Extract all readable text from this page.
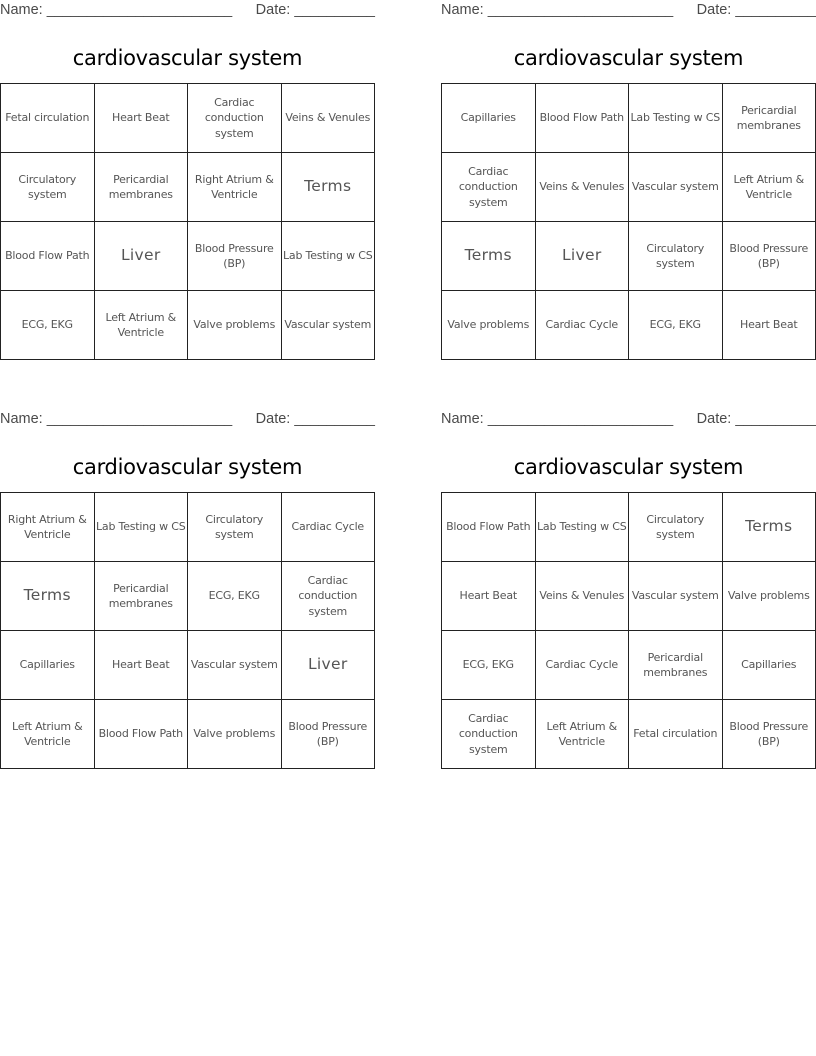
Name: _______________________ Date: __________
cardiovascular system
Fetal circulation	Heart Beat	Cardiac conduction system	Veins & Venules
Circulatory system	Pericardial membranes	Right Atrium & Ventricle	Terms
Blood Flow Path	Liver	Blood Pressure (BP)	Lab Testing w CS
ECG, EKG	Left Atrium & Ventricle	Valve problems	Vascular system
Name: _______________________ Date: __________
cardiovascular system
Capillaries	Blood Flow Path	Lab Testing w CS	Pericardial membranes
Cardiac conduction system	Veins & Venules	Vascular system	Left Atrium & Ventricle
Terms	Liver	Circulatory system	Blood Pressure (BP)
Valve problems	Cardiac Cycle	ECG, EKG	Heart Beat
Name: _______________________ Date: __________
cardiovascular system
Right Atrium & Ventricle	Lab Testing w CS	Circulatory system	Cardiac Cycle
Terms	Pericardial membranes	ECG, EKG	Cardiac conduction system
Capillaries	Heart Beat	Vascular system	Liver
Left Atrium & Ventricle	Blood Flow Path	Valve problems	Blood Pressure (BP)
Name: _______________________ Date: __________
cardiovascular system
Blood Flow Path	Lab Testing w CS	Circulatory system	Terms
Heart Beat	Veins & Venules	Vascular system	Valve problems
ECG, EKG	Cardiac Cycle	Pericardial membranes	Capillaries
Cardiac conduction system	Left Atrium & Ventricle	Fetal circulation	Blood Pressure (BP)
